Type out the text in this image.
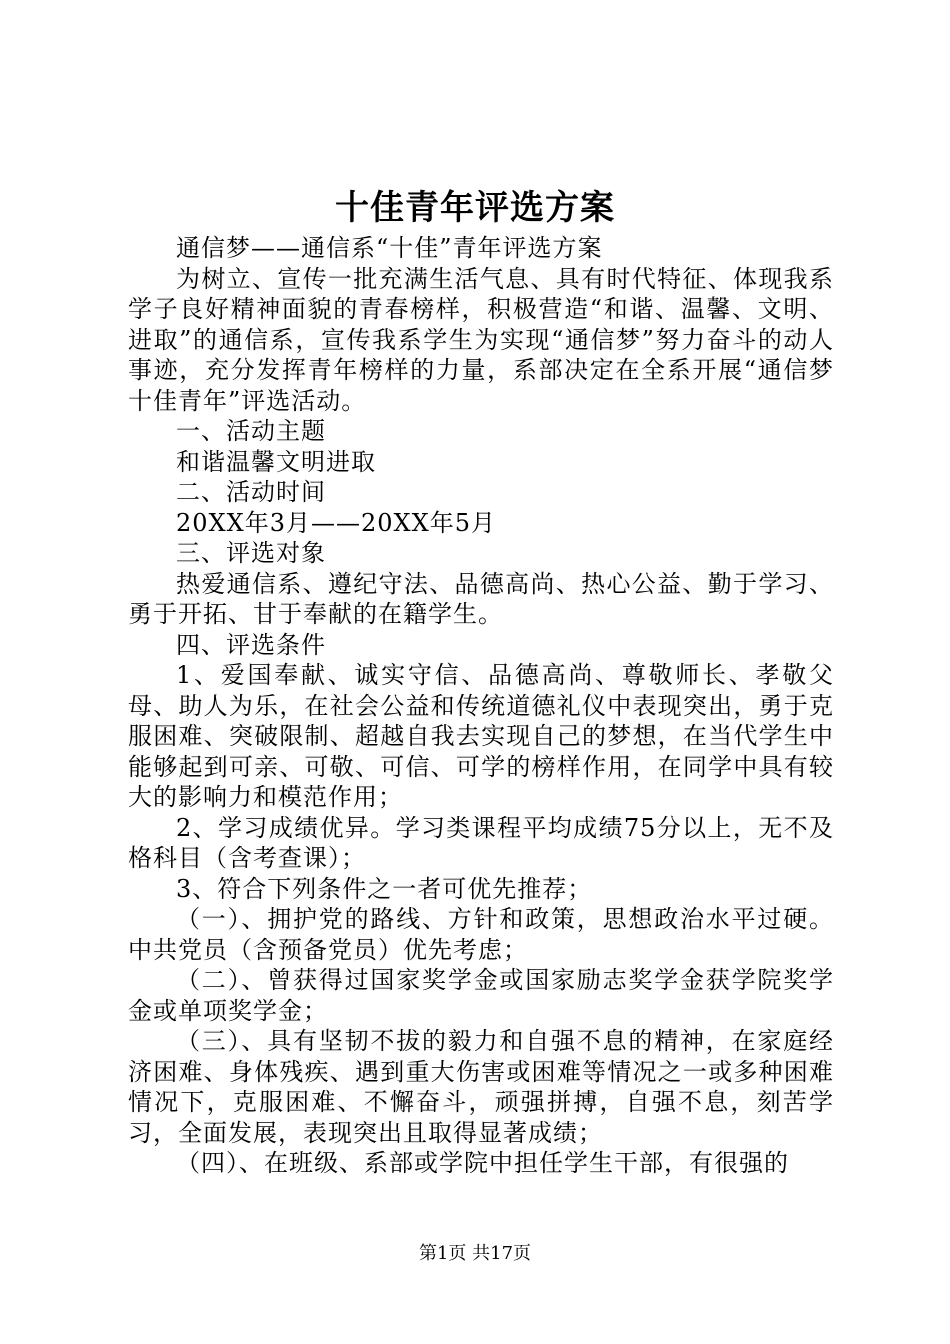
十佳青年评选方案

通信梦——通信系“十佳”青年评选方案

为树立、宣传一批充满生活气息、具有时代特征、体现我系学子良好精神面貌的青春榜样，积极营造“和谐、温馨、文明、进取”的通信系，宣传我系学生为实现“通信梦”努力奋斗的动人事迹，充分发挥青年榜样的力量，系部决定在全系开展“通信梦十佳青年”评选活动。

一、活动主题

和谐温馨文明进取

二、活动时间

20XX年3月——20XX年5月

三、评选对象

热爱通信系、遵纪守法、品德高尚、热心公益、勤于学习、勇于开拓、甘于奉献的在籍学生。

四、评选条件

1、爱国奉献、诚实守信、品德高尚、尊敬师长、孝敬父母、助人为乐，在社会公益和传统道德礼仪中表现突出，勇于克服困难、突破限制、超越自我去实现自己的梦想，在当代学生中能够起到可亲、可敬、可信、可学的榜样作用，在同学中具有较大的影响力和模范作用；

2、学习成绩优异。学习类课程平均成绩75分以上，无不及格科目（含考查课）；

3、符合下列条件之一者可优先推荐；

（一）、拥护党的路线、方针和政策，思想政治水平过硬。中共党员（含预备党员）优先考虑；

（二）、曾获得过国家奖学金或国家励志奖学金获学院奖学金或单项奖学金；

（三）、具有坚韧不拔的毅力和自强不息的精神，在家庭经济困难、身体残疾、遇到重大伤害或困难等情况之一或多种困难情况下，克服困难、不懈奋斗，顽强拼搏，自强不息，刻苦学习，全面发展，表现突出且取得显著成绩；

（四）、在班级、系部或学院中担任学生干部，有很强的

第1页 共17页
